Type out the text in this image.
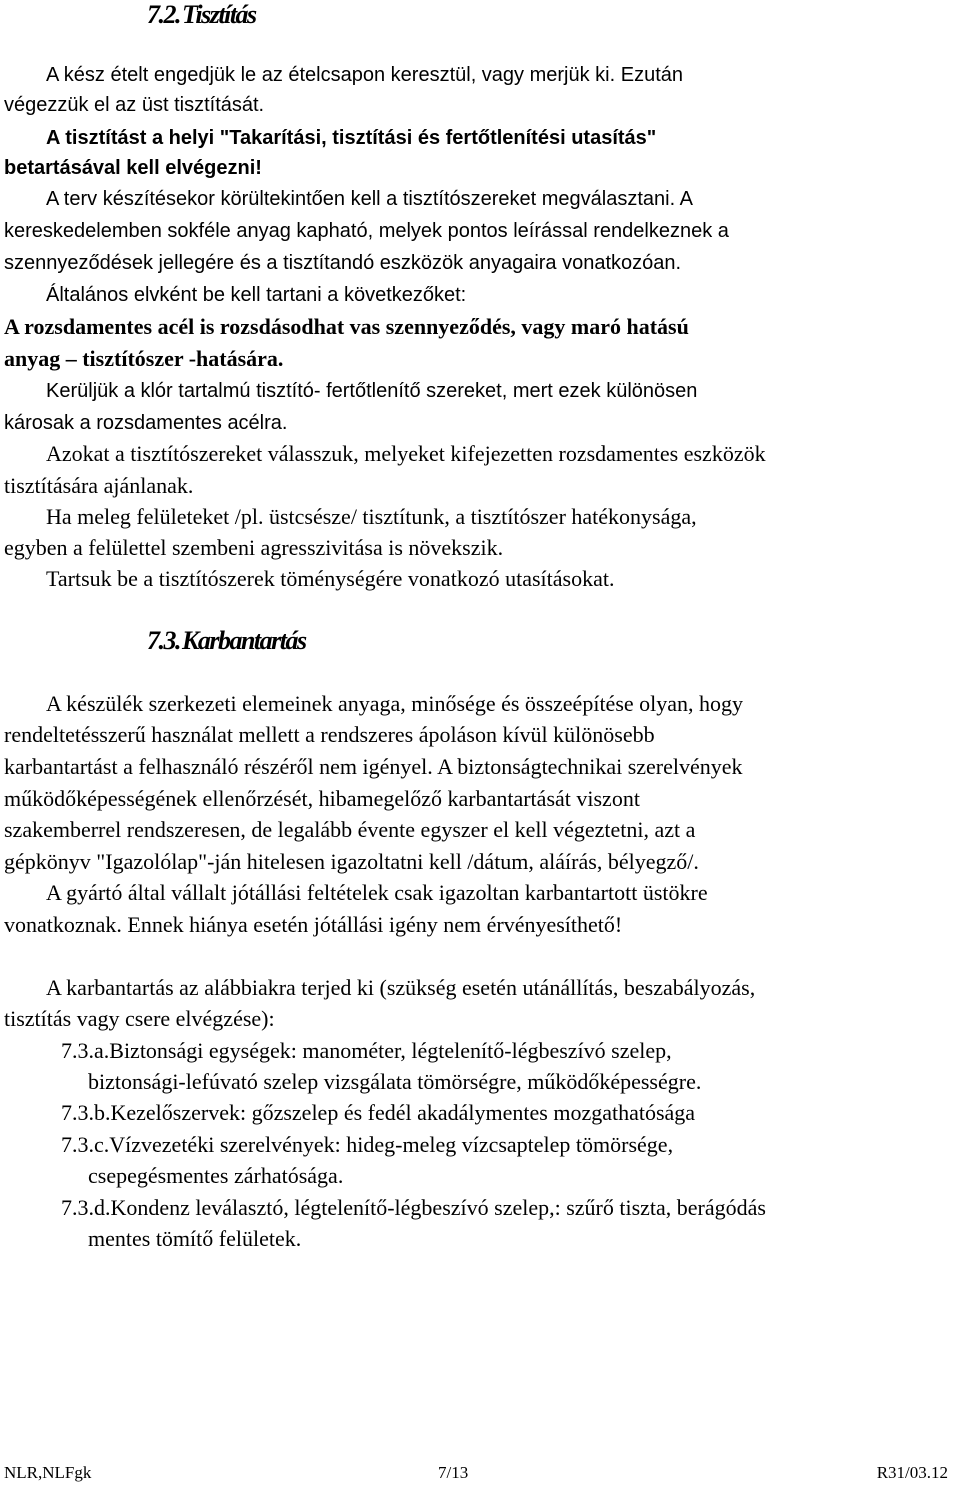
7.2.Tisztítás
A kész ételt engedjük le az ételcsapon keresztül, vagy merjük ki. Ezután
végezzük el az üst tisztítását.
A tisztítást a helyi "Takarítási, tisztítási és fertőtlenítési utasítás"
betartásával kell elvégezni!
A terv készítésekor körültekintően kell a tisztítószereket megválasztani. A
kereskedelemben sokféle anyag kapható, melyek pontos leírással rendelkeznek a
szennyeződések jellegére és a tisztítandó eszközök anyagaira vonatkozóan.
Általános elvként be kell tartani a következőket:
A rozsdamentes acél is rozsdásodhat vas szennyeződés, vagy maró hatású
anyag – tisztítószer -hatására.
Kerüljük a klór tartalmú tisztító- fertőtlenítő szereket, mert ezek különösen
károsak a rozsdamentes acélra.
Azokat a tisztítószereket válasszuk, melyeket kifejezetten rozsdamentes eszközök
tisztítására ajánlanak.
Ha meleg felületeket /pl. üstcsésze/ tisztítunk, a tisztítószer hatékonysága,
egyben a felülettel szembeni agresszivitása is növekszik.
Tartsuk be a tisztítószerek töménységére vonatkozó utasításokat.
7.3.Karbantartás
A készülék szerkezeti elemeinek anyaga, minősége és összeépítése olyan, hogy
rendeltetésszerű használat mellett a rendszeres ápoláson kívül különösebb
karbantartást a felhasználó részéről nem igényel. A biztonságtechnikai szerelvények
működőképességének ellenőrzését, hibamegelőző karbantartását viszont
szakemberrel rendszeresen, de legalább évente egyszer el kell végeztetni, azt a
gépkönyv "Igazolólap"-ján hitelesen igazoltatni kell /dátum, aláírás, bélyegző/.
A gyártó által vállalt jótállási feltételek csak igazoltan karbantartott üstökre
vonatkoznak. Ennek hiánya esetén jótállási igény nem érvényesíthető!
A karbantartás az alábbiakra terjed ki (szükség esetén utánállítás, beszabályozás,
tisztítás vagy csere elvégzése):
7.3.a.Biztonsági egységek: manométer, légtelenítő-légbeszívó szelep,
biztonsági-lefúvató szelep vizsgálata tömörségre, működőképességre.
7.3.b.Kezelőszervek: gőzszelep és fedél akadálymentes mozgathatósága
7.3.c.Vízvezetéki szerelvények: hideg-meleg vízcsaptelep tömörsége,
csepegésmentes zárhatósága.
7.3.d.Kondenz leválasztó, légtelenítő-légbeszívó szelep,: szűrő tiszta, berágódás
mentes tömítő felületek.
NLR,NLFgk	7/13	R31/03.12
